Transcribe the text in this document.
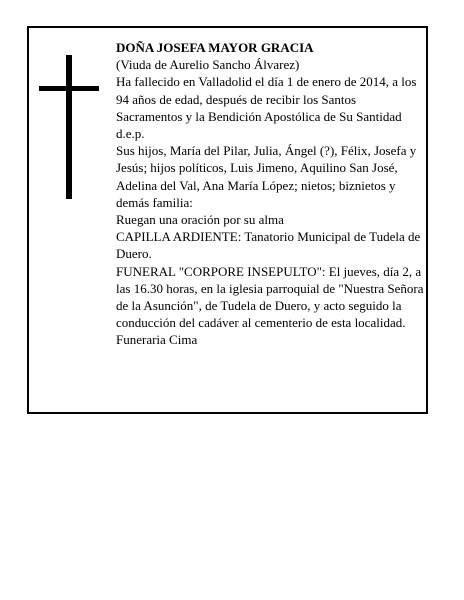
DOÑA JOSEFA MAYOR GRACIA

(Viuda de Aurelio Sancho Álvarez)

Ha fallecido en Valladolid el día 1 de enero de 2014, a los 94 años de edad, después de recibir los Santos Sacramentos y la Bendición Apostólica de Su Santidad

d.e.p.

Sus hijos, María del Pilar, Julia, Ángel (?), Félix, Josefa y Jesús; hijos políticos, Luis Jimeno, Aquilino San José, Adelina del Val, Ana María López; nietos; biznietos y demás familia:

Ruegan una oración por su alma

CAPILLA ARDIENTE: Tanatorio Municipal de Tudela de Duero.

FUNERAL "CORPORE INSEPULTO": El jueves, día 2, a las 16.30 horas, en la iglesia parroquial de "Nuestra Señora de la Asunción", de Tudela de Duero, y acto seguido la conducción del cadáver al cementerio de esta localidad.

Funeraria Cima
